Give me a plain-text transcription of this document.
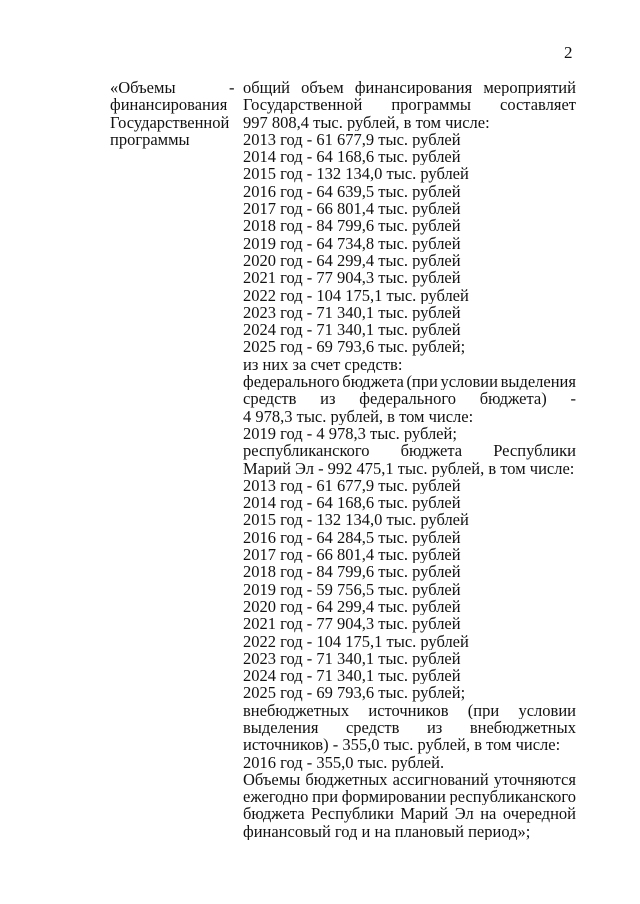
2
«Объемы
финансирования
Государственной
программы
- общий объем финансирования мероприятий
Государственной программы составляет
997 808,4 тыс. рублей, в том числе:
2013 год - 61 677,9 тыс. рублей
2014 год - 64 168,6 тыс. рублей
2015 год - 132 134,0 тыс. рублей
2016 год - 64 639,5 тыс. рублей
2017 год - 66 801,4 тыс. рублей
2018 год - 84 799,6 тыс. рублей
2019 год - 64 734,8 тыс. рублей
2020 год - 64 299,4 тыс. рублей
2021 год - 77 904,3 тыс. рублей
2022 год - 104 175,1 тыс. рублей
2023 год - 71 340,1 тыс. рублей
2024 год - 71 340,1 тыс. рублей
2025 год - 69 793,6 тыс. рублей;
из них за счет средств:
федерального бюджета (при условии выделения
средств из федерального бюджета) -
4 978,3 тыс. рублей, в том числе:
2019 год - 4 978,3 тыс. рублей;
республиканского бюджета Республики
Марий Эл - 992 475,1 тыс. рублей, в том числе:
2013 год - 61 677,9 тыс. рублей
2014 год - 64 168,6 тыс. рублей
2015 год - 132 134,0 тыс. рублей
2016 год - 64 284,5 тыс. рублей
2017 год - 66 801,4 тыс. рублей
2018 год - 84 799,6 тыс. рублей
2019 год - 59 756,5 тыс. рублей
2020 год - 64 299,4 тыс. рублей
2021 год - 77 904,3 тыс. рублей
2022 год - 104 175,1 тыс. рублей
2023 год - 71 340,1 тыс. рублей
2024 год - 71 340,1 тыс. рублей
2025 год - 69 793,6 тыс. рублей;
внебюджетных источников (при условии
выделения средств из внебюджетных
источников) - 355,0 тыс. рублей, в том числе:
2016 год - 355,0 тыс. рублей.
Объемы бюджетных ассигнований уточняются
ежегодно при формировании республиканского
бюджета Республики Марий Эл на очередной
финансовый год и на плановый период»;
